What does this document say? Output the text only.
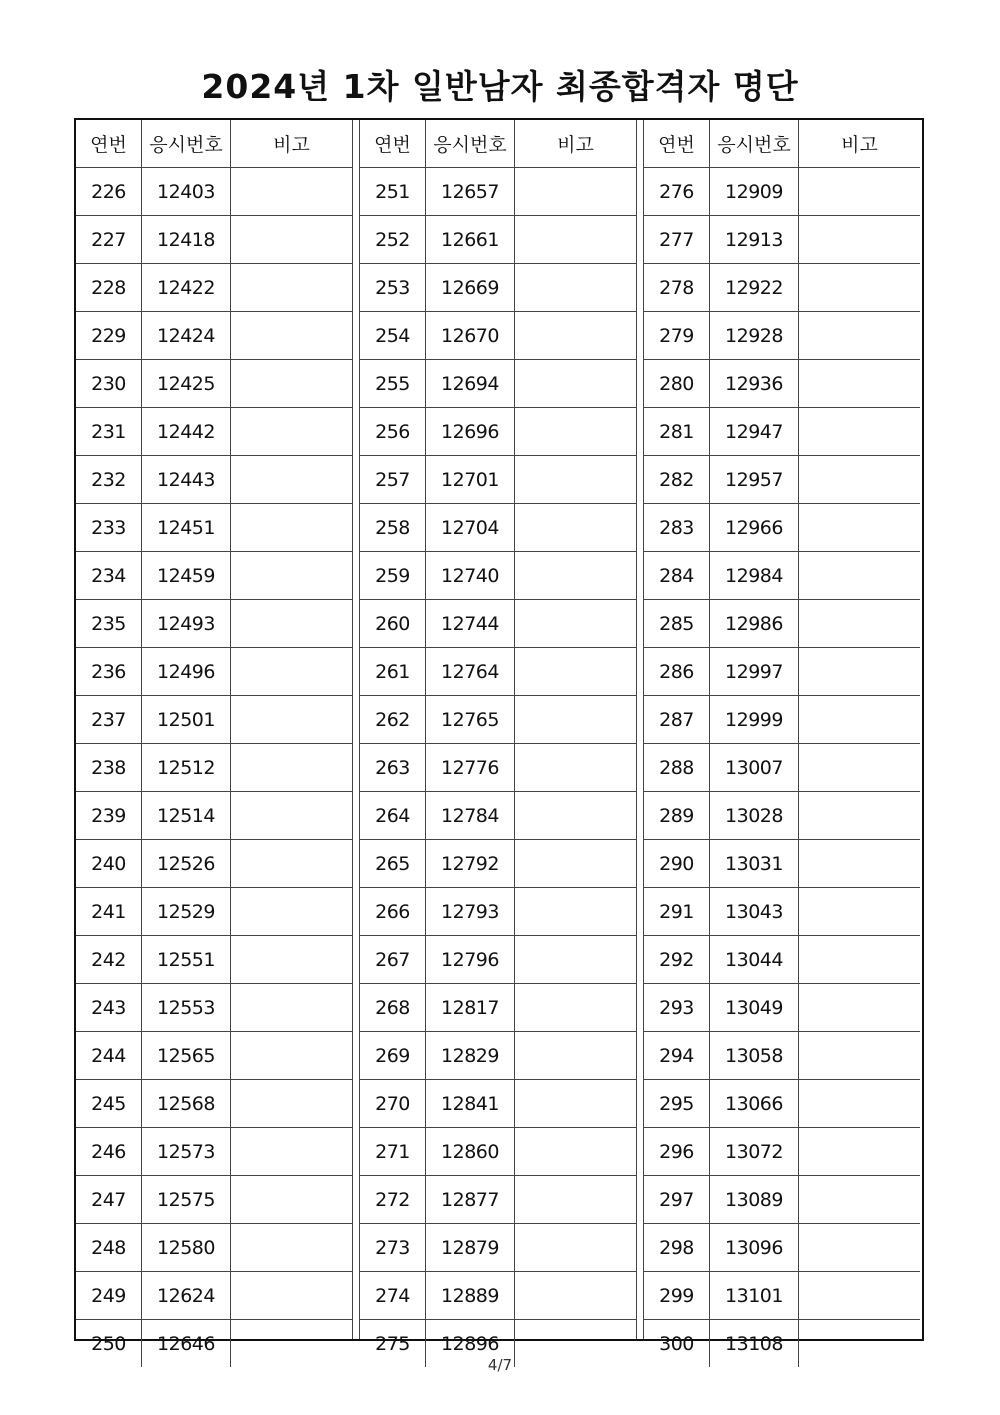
2024년 1차 일반남자 최종합격자 명단
연번	응시번호	비고
226	12403	
227	12418	
228	12422	
229	12424	
230	12425	
231	12442	
232	12443	
233	12451	
234	12459	
235	12493	
236	12496	
237	12501	
238	12512	
239	12514	
240	12526	
241	12529	
242	12551	
243	12553	
244	12565	
245	12568	
246	12573	
247	12575	
248	12580	
249	12624	
250	12646	
연번	응시번호	비고
251	12657	
252	12661	
253	12669	
254	12670	
255	12694	
256	12696	
257	12701	
258	12704	
259	12740	
260	12744	
261	12764	
262	12765	
263	12776	
264	12784	
265	12792	
266	12793	
267	12796	
268	12817	
269	12829	
270	12841	
271	12860	
272	12877	
273	12879	
274	12889	
275	12896	
연번	응시번호	비고
276	12909	
277	12913	
278	12922	
279	12928	
280	12936	
281	12947	
282	12957	
283	12966	
284	12984	
285	12986	
286	12997	
287	12999	
288	13007	
289	13028	
290	13031	
291	13043	
292	13044	
293	13049	
294	13058	
295	13066	
296	13072	
297	13089	
298	13096	
299	13101	
300	13108	
4/7
